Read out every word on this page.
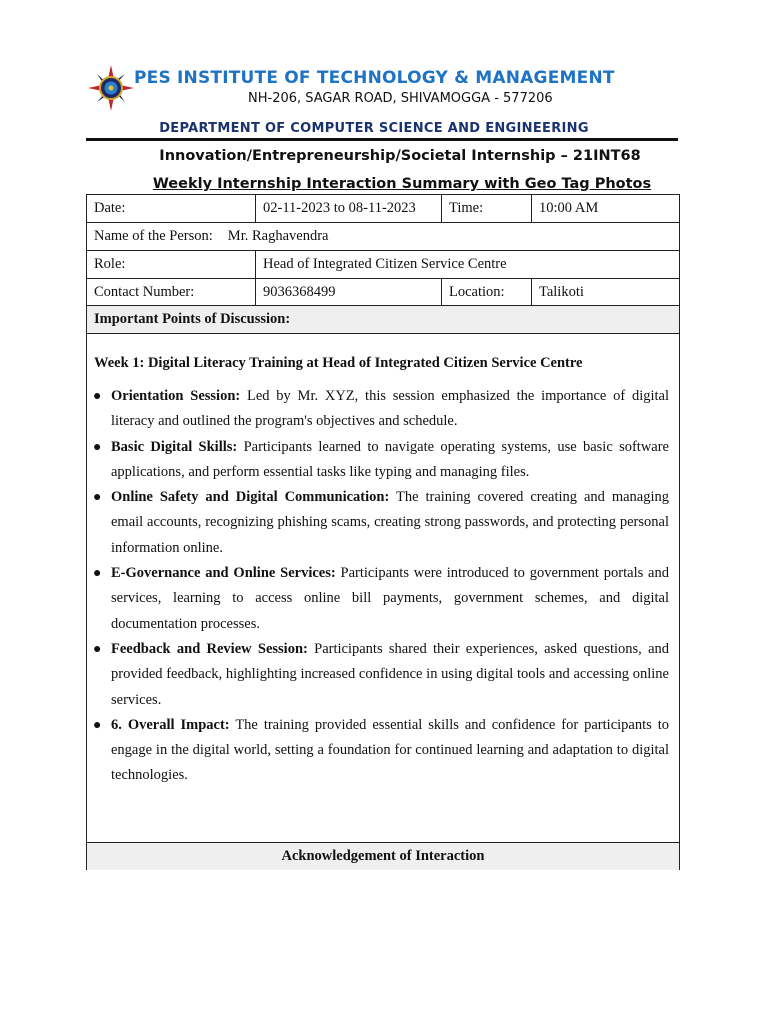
PES INSTITUTE OF TECHNOLOGY & MANAGEMENT
NH-206, SAGAR ROAD, SHIVAMOGGA - 577206
DEPARTMENT OF COMPUTER SCIENCE AND ENGINEERING
Innovation/Entrepreneurship/Societal Internship – 21INT68
Weekly Internship Interaction Summary with Geo Tag Photos
Date:	02-11-2023 to 08-11-2023	Time:	10:00 AM
Name of the Person: Mr. Raghavendra
Role:	Head of Integrated Citizen Service Centre
Contact Number:	9036368499	Location:	Talikoti
Important Points of Discussion:
Week 1: Digital Literacy Training at Head of Integrated Citizen Service Centre
● Orientation Session: Led by Mr. XYZ, this session emphasized the importance of digital literacy and outlined the program's objectives and schedule.
● Basic Digital Skills: Participants learned to navigate operating systems, use basic software applications, and perform essential tasks like typing and managing files.
● Online Safety and Digital Communication: The training covered creating and managing email accounts, recognizing phishing scams, creating strong passwords, and protecting personal information online.
● E-Governance and Online Services: Participants were introduced to government portals and services, learning to access online bill payments, government schemes, and digital documentation processes.
● Feedback and Review Session: Participants shared their experiences, asked questions, and provided feedback, highlighting increased confidence in using digital tools and accessing online services.
● 6. Overall Impact: The training provided essential skills and confidence for participants to engage in the digital world, setting a foundation for continued learning and adaptation to digital technologies.
Acknowledgement of Interaction
